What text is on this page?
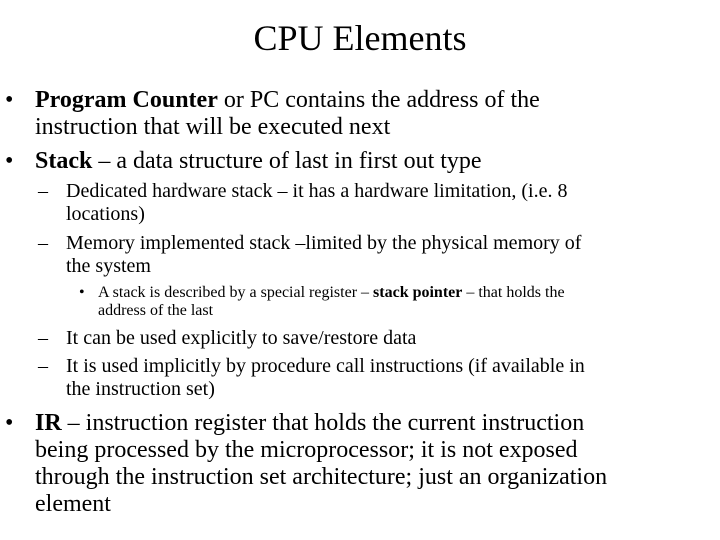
CPU Elements
• Program Counter or PC contains the address of the
instruction that will be executed next
• Stack – a data structure of last in first out type
– Dedicated hardware stack – it has a hardware limitation, (i.e. 8
locations)
– Memory implemented stack –limited by the physical memory of
the system
• A stack is described by a special register – stack pointer – that holds the
address of the last
– It can be used explicitly to save/restore data
– It is used implicitly by procedure call instructions (if available in
the instruction set)
• IR – instruction register that holds the current instruction
being processed by the microprocessor; it is not exposed
through the instruction set architecture; just an organization
element
